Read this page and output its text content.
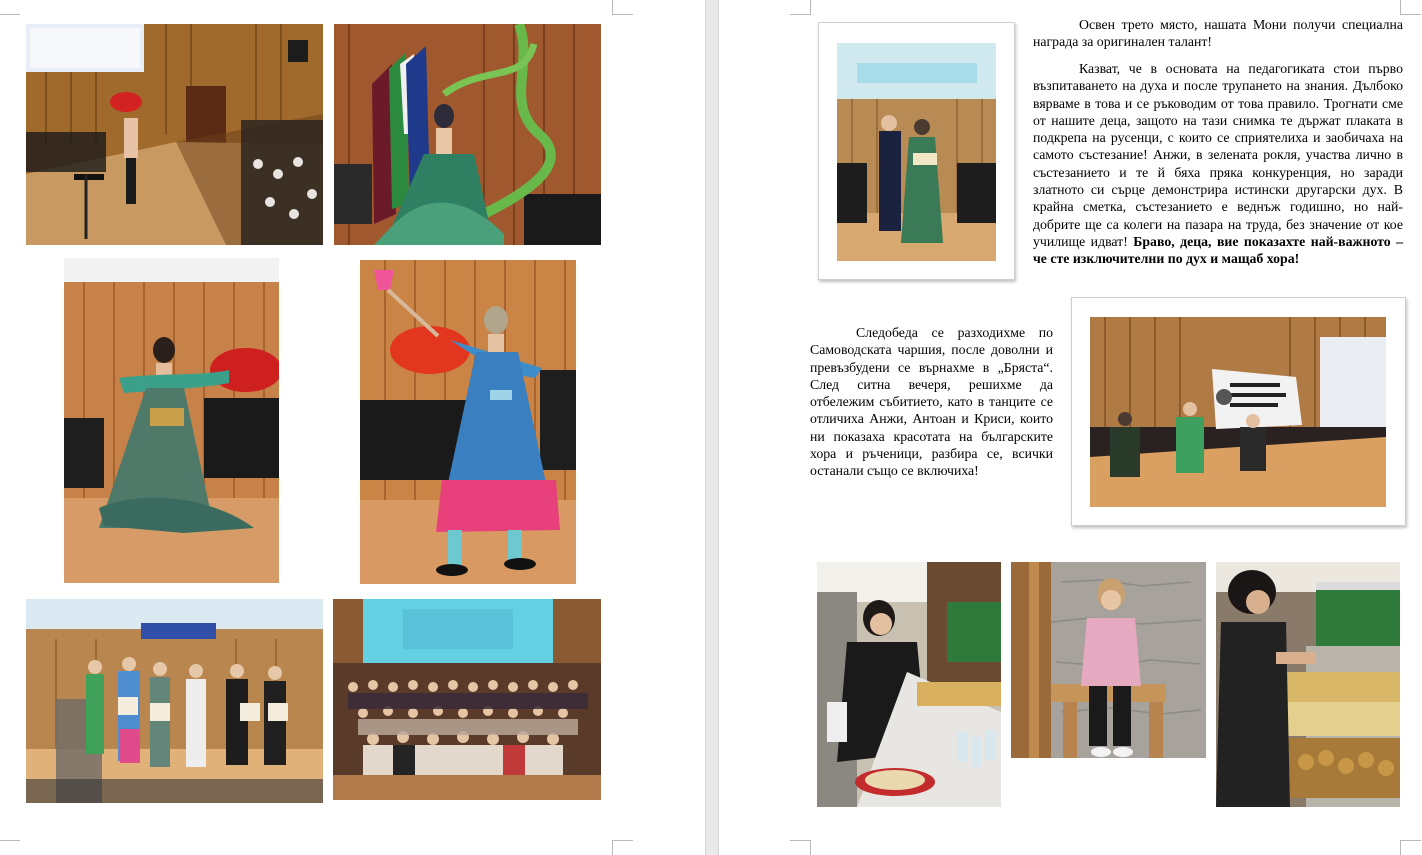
Освен трето място, нашата Мони получи специална награда за оригинален талант!

Казват, че в основата на педагогиката стои първо възпитаването на духа и после трупането на знания. Дълбоко вярваме в това и се ръководим от това правило. Трогнати сме от нашите деца, защото на тази снимка те държат плаката в подкрепа на русенци, с които се сприятелиха и заобичаха на самото състезание! Анжи, в зелената рокля, участва лично в състезанието и те й бяха пряка конкуренция, но заради златното си сърце демонстрира истински другарски дух. В крайна сметка, състезанието е веднъж годишно, но най-добрите ще са колеги на пазара на труда, без значение от кое училище идват! Браво, деца, вие показахте най-важното – че сте изключителни по дух и мащаб хора!

Следобеда се разходихме по Самоводската чаршия, после доволни и превъзбудени се върнахме в „Бряста“. След ситна вечеря, решихме да отбележим събитието, като в танците се отличиха Анжи, Антоан и Криси, които ни показаха красотата на българските хора и ръченици, разбира се, всички останали също се включиха!
